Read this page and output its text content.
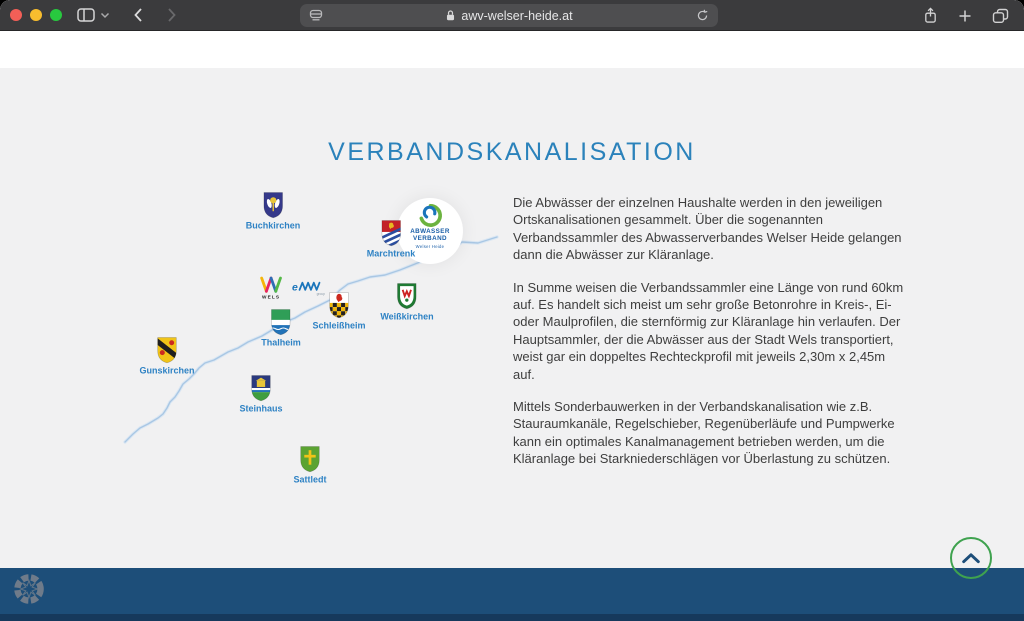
awv-welser-heide.at
VERBANDSKANALISATION
ABWASSER
VERBAND
Welser Heide
Buchkirchen
Marchtrenk
WELS
e
group
Schleißheim
Weißkirchen
Thalheim
Gunskirchen
Steinhaus
Sattledt

Die Abwässer der einzelnen Haushalte werden in den jeweiligen Ortskanalisationen gesammelt. Über die sogenannten Verbandssammler des Abwasserverbandes Welser Heide gelangen dann die Abwässer zur Kläranlage.

In Summe weisen die Verbandssammler eine Länge von rund 60km auf. Es handelt sich meist um sehr große Betonrohre in Kreis-, Ei- oder Maulprofilen, die sternförmig zur Kläranlage hin verlaufen. Der Hauptsammler, der die Abwässer aus der Stadt Wels transportiert, weist gar ein doppeltes Rechteckprofil mit jeweils 2,30m x 2,45m auf.

Mittels Sonderbauwerken in der Verbandskanalisation wie z.B. Stauraumkanäle, Regelschieber, Regenüberläufe und Pumpwerke kann ein optimales Kanalmanagement betrieben werden, um die Kläranlage bei Starkniederschlägen vor Überlastung zu schützen.
